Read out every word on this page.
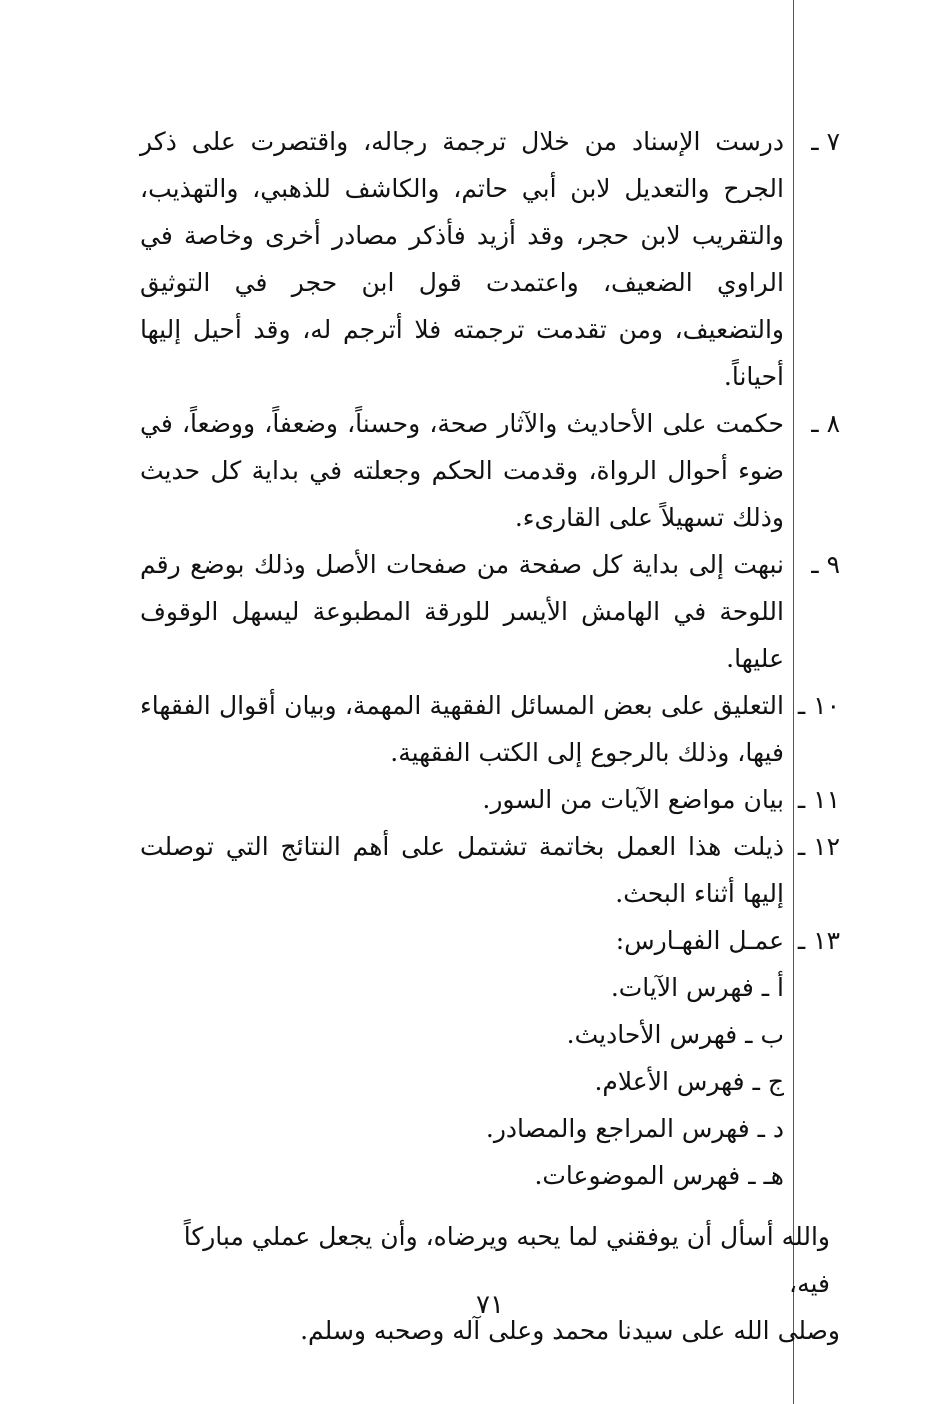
٧ ـ
درست الإسناد من خلال ترجمة رجاله، واقتصرت على ذكر الجرح والتعديل لابن أبي حاتم، والكاشف للذهبي، والتهذيب، والتقريب لابن حجر، وقد أزيد فأذكر مصادر أخرى وخاصة في الراوي الضعيف، واعتمدت قول ابن حجر في التوثيق والتضعيف، ومن تقدمت ترجمته فلا أترجم له، وقد أحيل إليها أحياناً.
٨ ـ
حكمت على الأحاديث والآثار صحة، وحسناً، وضعفاً، ووضعاً، في ضوء أحوال الرواة، وقدمت الحكم وجعلته في بداية كل حديث وذلك تسهيلاً على القارىء.
٩ ـ
نبهت إلى بداية كل صفحة من صفحات الأصل وذلك بوضع رقم اللوحة في الهامش الأيسر للورقة المطبوعة ليسهل الوقوف عليها.
١٠ ـ
التعليق على بعض المسائل الفقهية المهمة، وبيان أقوال الفقهاء فيها، وذلك بالرجوع إلى الكتب الفقهية.
١١ ـ
بيان مواضع الآيات من السور.
١٢ ـ
ذيلت هذا العمل بخاتمة تشتمل على أهم النتائج التي توصلت إليها أثناء البحث.
١٣ ـ
عمـل الفهـارس:
أ ـ فهرس الآيات.
ب ـ فهرس الأحاديث.
ج ـ فهرس الأعلام.
د ـ فهرس المراجع والمصادر.
هـ ـ فهرس الموضوعات.
والله أسأل أن يوفقني لما يحبه ويرضاه، وأن يجعل عملي مباركاً فيه،
وصلى الله على سيدنا محمد وعلى آله وصحبه وسلم.
٧١
